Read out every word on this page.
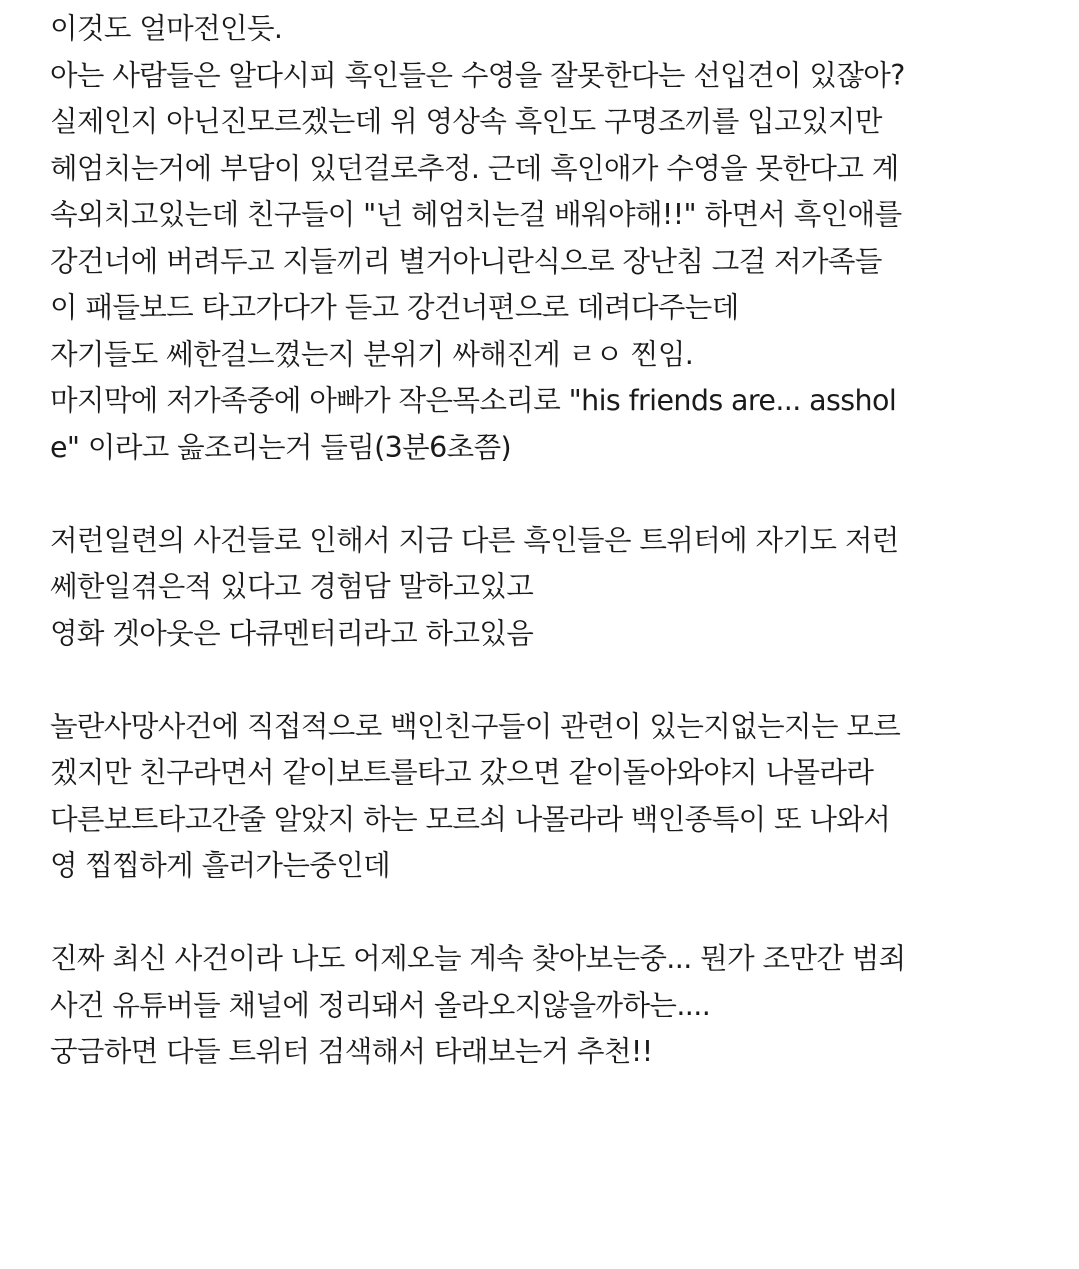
이것도 얼마전인듯.
아는 사람들은 알다시피 흑인들은 수영을 잘못한다는 선입견이 있잖아?
실제인지 아닌진모르겠는데 위 영상속 흑인도 구명조끼를 입고있지만
헤엄치는거에 부담이 있던걸로추정. 근데 흑인애가 수영을 못한다고 계
속외치고있는데 친구들이 "넌 헤엄치는걸 배워야해!!" 하면서 흑인애를
강건너에 버려두고 지들끼리 별거아니란식으로 장난침 그걸 저가족들
이 패들보드 타고가다가 듣고 강건너편으로 데려다주는데
자기들도 쎄한걸느꼈는지 분위기 싸해진게 ㄹㅇ 찐임.
마지막에 저가족중에 아빠가 작은목소리로 "his friends are... asshol
e" 이라고 읊조리는거 들림(3분6초쯤)
저런일련의 사건들로 인해서 지금 다른 흑인들은 트위터에 자기도 저런
쎄한일겪은적 있다고 경험담 말하고있고
영화 겟아웃은 다큐멘터리라고 하고있음
놀란사망사건에 직접적으로 백인친구들이 관련이 있는지없는지는 모르
겠지만 친구라면서 같이보트를타고 갔으면 같이돌아와야지 나몰라라
다른보트타고간줄 알았지 하는 모르쇠 나몰라라 백인종특이 또 나와서
영 찝찝하게 흘러가는중인데
진짜 최신 사건이라 나도 어제오늘 계속 찾아보는중... 뭔가 조만간 범죄
사건 유튜버들 채널에 정리돼서 올라오지않을까하는....
궁금하면 다들 트위터 검색해서 타래보는거 추천!!
